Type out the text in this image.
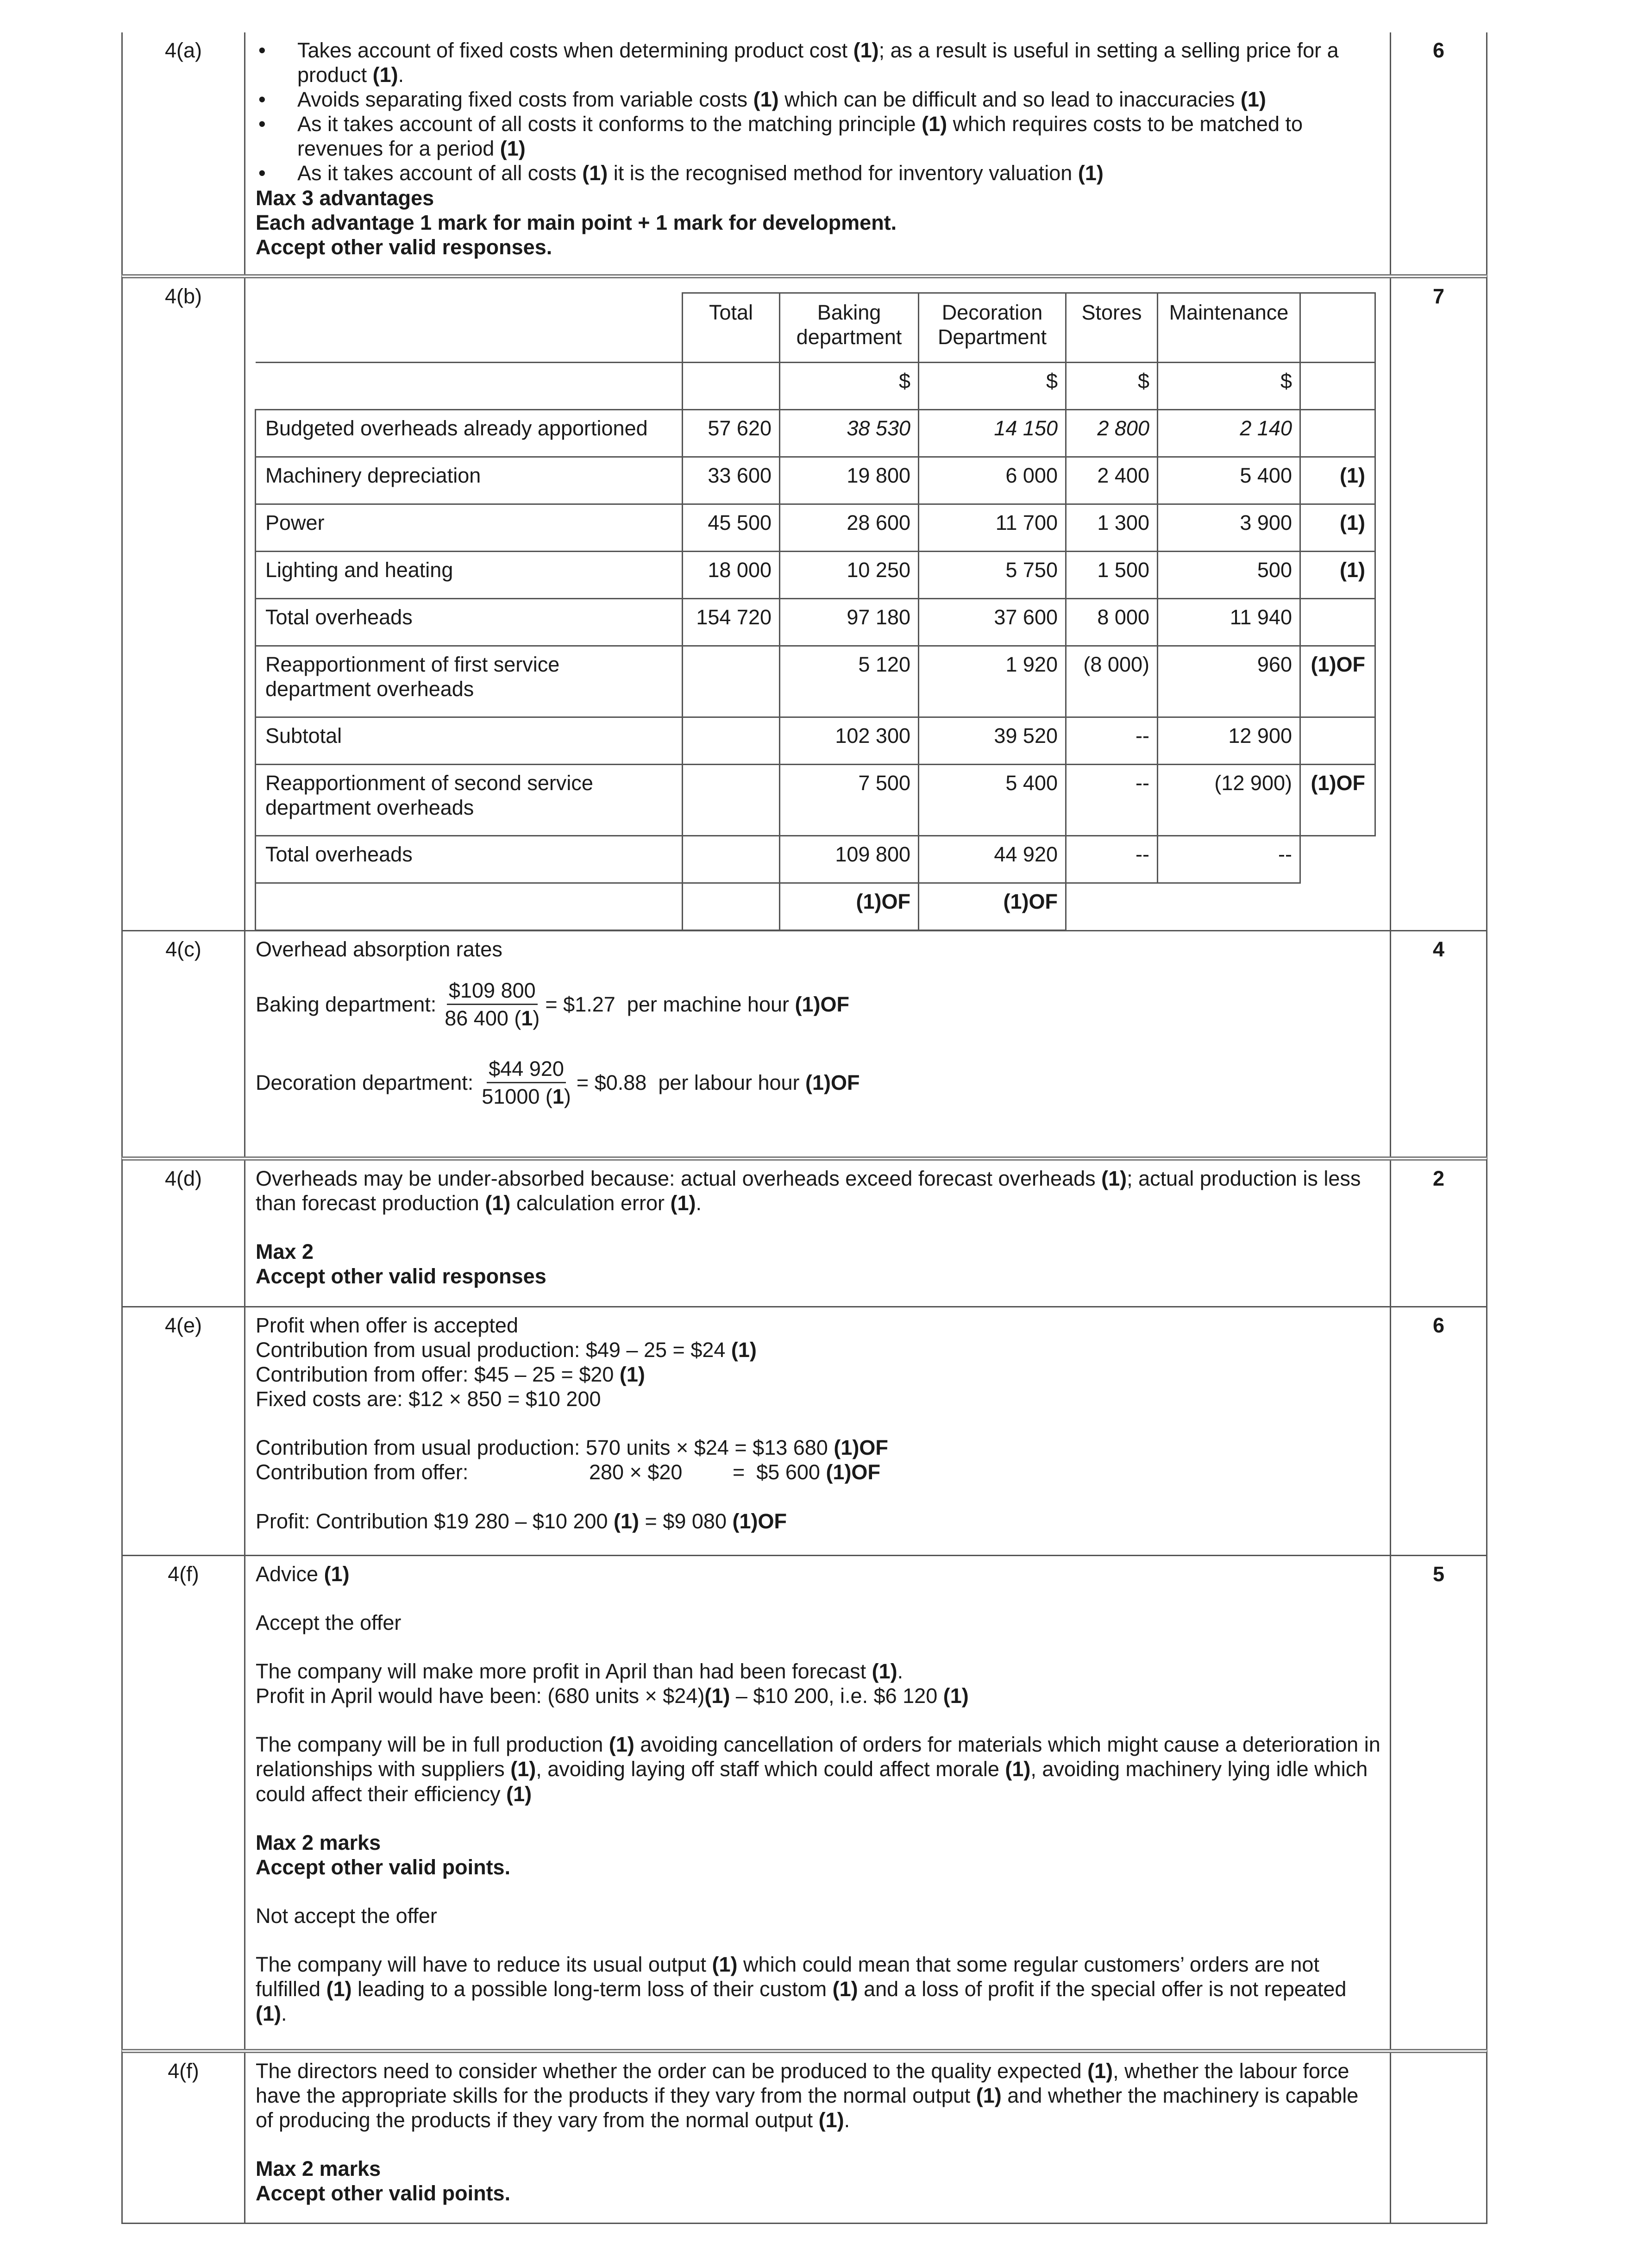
4(a)	• Takes account of fixed costs when determining product cost (1); as a result is useful in setting a selling price for a product (1).
• Avoids separating fixed costs from variable costs (1) which can be difficult and so lead to inaccuracies (1)
• As it takes account of all costs it conforms to the matching principle (1) which requires costs to be matched to revenues for a period (1)
• As it takes account of all costs (1) it is the recognised method for inventory valuation (1)

Max 3 advantages

Each advantage 1 mark for main point + 1 mark for development.

Accept other valid responses.

6
4(b)
	Total	Baking department	Decoration Department	Stores	Maintenance	
		$	$	$	$	
Budgeted overheads already apportioned	57 620	38 530	14 150	2 800	2 140	
Machinery depreciation	33 600	19 800	6 000	2 400	5 400	(1)
Power	45 500	28 600	11 700	1 300	3 900	(1)
Lighting and heating	18 000	10 250	5 750	1 500	500	(1)
Total overheads	154 720	97 180	37 600	8 000	11 940	
Reapportionment of first service department overheads		5 120	1 920	(8 000)	960	(1)OF
Subtotal		102 300	39 520	--	12 900	
Reapportionment of second service department overheads		7 500	5 400	--	(12 900)	(1)OF
Total overheads		109 800	44 920	--	--	
		(1)OF	(1)OF			
7
4(c)	Overhead absorption rates

Baking department: $\frac{\$109 800}{86 400 (1)}$ = $1.27  per machine hour (1)OF
Decoration department: $\frac{\$44 920}{51000 (1)}$ = $0.88  per labour hour (1)OF
4
4(d)	Overheads may be under-absorbed because: actual overheads exceed forecast overheads (1); actual production is less than forecast production (1) calculation error (1).

Max 2

Accept other valid responses

2
4(e)	Profit when offer is accepted

Contribution from usual production: $49 – 25 = $24 (1)

Contribution from offer: $45 – 25 = $20 (1)

Fixed costs are: $12 × 850 = $10 200

Contribution from usual production: 570 units × $24 = $13 680 (1)OF

Contribution from offer:	280 × $20	=  $5 600 (1)OF

Profit: Contribution $19 280 – $10 200 (1) = $9 080 (1)OF

6
4(f)	Advice (1)

Accept the offer

The company will make more profit in April than had been forecast (1).

Profit in April would have been: (680 units × $24)(1) – $10 200, i.e. $6 120 (1)

The company will be in full production (1) avoiding cancellation of orders for materials which might cause a deterioration in relationships with suppliers (1), avoiding laying off staff which could affect morale (1), avoiding machinery lying idle which could affect their efficiency (1)

Max 2 marks

Accept other valid points.

Not accept the offer

The company will have to reduce its usual output (1) which could mean that some regular customers’ orders are not fulfilled (1) leading to a possible long-term loss of their custom (1) and a loss of profit if the special offer is not repeated (1).

5
4(f)	The directors need to consider whether the order can be produced to the quality expected (1), whether the labour force have the appropriate skills for the products if they vary from the normal output (1) and whether the machinery is capable of producing the products if they vary from the normal output (1).

Max 2 marks

Accept other valid points.
